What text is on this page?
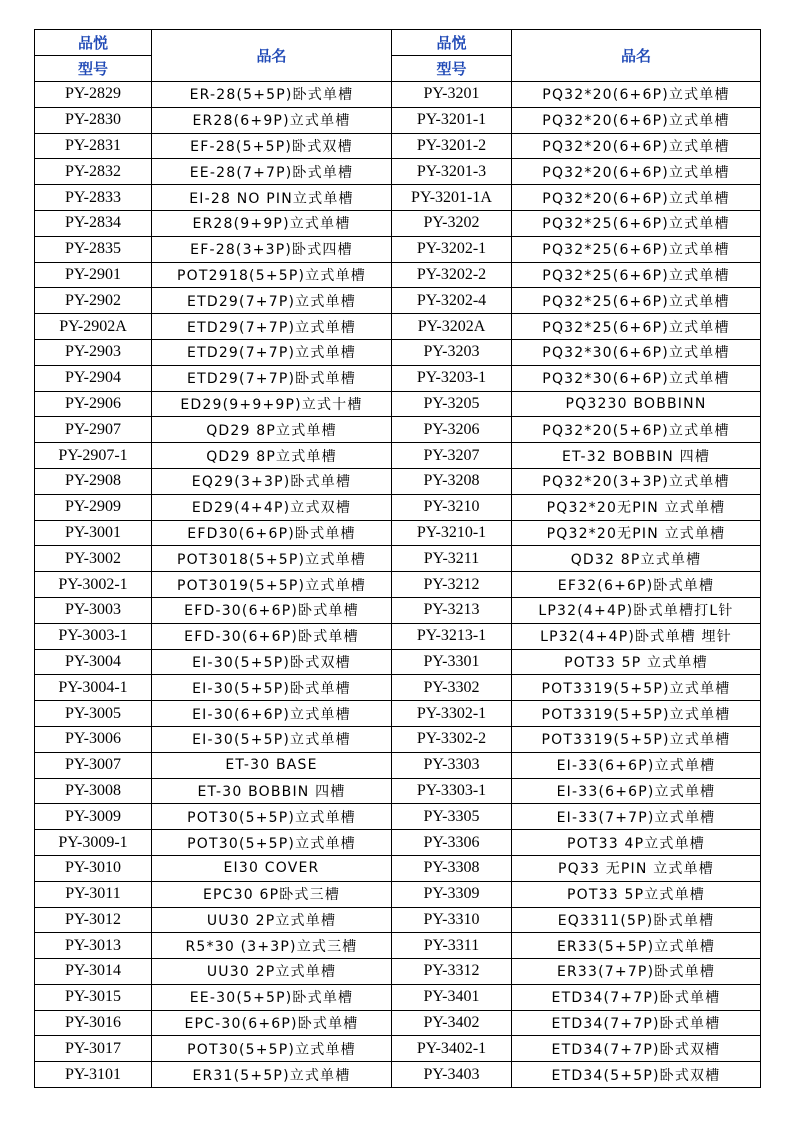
品悦	品名	品悦	品名
型号		型号	
PY-2829	ER-28(5+5P)卧式单槽	PY-3201	PQ32*20(6+6P)立式单槽
PY-2830	ER28(6+9P)立式单槽	PY-3201-1	PQ32*20(6+6P)立式单槽
PY-2831	EF-28(5+5P)卧式双槽	PY-3201-2	PQ32*20(6+6P)立式单槽
PY-2832	EE-28(7+7P)卧式单槽	PY-3201-3	PQ32*20(6+6P)立式单槽
PY-2833	EI-28 NO PIN立式单槽	PY-3201-1A	PQ32*20(6+6P)立式单槽
PY-2834	ER28(9+9P)立式单槽	PY-3202	PQ32*25(6+6P)立式单槽
PY-2835	EF-28(3+3P)卧式四槽	PY-3202-1	PQ32*25(6+6P)立式单槽
PY-2901	POT2918(5+5P)立式单槽	PY-3202-2	PQ32*25(6+6P)立式单槽
PY-2902	ETD29(7+7P)立式单槽	PY-3202-4	PQ32*25(6+6P)立式单槽
PY-2902A	ETD29(7+7P)立式单槽	PY-3202A	PQ32*25(6+6P)立式单槽
PY-2903	ETD29(7+7P)立式单槽	PY-3203	PQ32*30(6+6P)立式单槽
PY-2904	ETD29(7+7P)卧式单槽	PY-3203-1	PQ32*30(6+6P)立式单槽
PY-2906	ED29(9+9+9P)立式十槽	PY-3205	PQ3230 BOBBINN
PY-2907	QD29 8P立式单槽	PY-3206	PQ32*20(5+6P)立式单槽
PY-2907-1	QD29 8P立式单槽	PY-3207	ET-32 BOBBIN 四槽
PY-2908	EQ29(3+3P)卧式单槽	PY-3208	PQ32*20(3+3P)立式单槽
PY-2909	ED29(4+4P)立式双槽	PY-3210	PQ32*20无PIN 立式单槽
PY-3001	EFD30(6+6P)卧式单槽	PY-3210-1	PQ32*20无PIN 立式单槽
PY-3002	POT3018(5+5P)立式单槽	PY-3211	QD32 8P立式单槽
PY-3002-1	POT3019(5+5P)立式单槽	PY-3212	EF32(6+6P)卧式单槽
PY-3003	EFD-30(6+6P)卧式单槽	PY-3213	LP32(4+4P)卧式单槽打L针
PY-3003-1	EFD-30(6+6P)卧式单槽	PY-3213-1	LP32(4+4P)卧式单槽 埋针
PY-3004	EI-30(5+5P)卧式双槽	PY-3301	POT33 5P 立式单槽
PY-3004-1	EI-30(5+5P)卧式单槽	PY-3302	POT3319(5+5P)立式单槽
PY-3005	EI-30(6+6P)立式单槽	PY-3302-1	POT3319(5+5P)立式单槽
PY-3006	EI-30(5+5P)立式单槽	PY-3302-2	POT3319(5+5P)立式单槽
PY-3007	ET-30 BASE	PY-3303	EI-33(6+6P)立式单槽
PY-3008	ET-30 BOBBIN 四槽	PY-3303-1	EI-33(6+6P)立式单槽
PY-3009	POT30(5+5P)立式单槽	PY-3305	EI-33(7+7P)立式单槽
PY-3009-1	POT30(5+5P)立式单槽	PY-3306	POT33 4P立式单槽
PY-3010	EI30 COVER	PY-3308	PQ33 无PIN 立式单槽
PY-3011	EPC30 6P卧式三槽	PY-3309	POT33 5P立式单槽
PY-3012	UU30 2P立式单槽	PY-3310	EQ3311(5P)卧式单槽
PY-3013	R5*30 (3+3P)立式三槽	PY-3311	ER33(5+5P)立式单槽
PY-3014	UU30 2P立式单槽	PY-3312	ER33(7+7P)卧式单槽
PY-3015	EE-30(5+5P)卧式单槽	PY-3401	ETD34(7+7P)卧式单槽
PY-3016	EPC-30(6+6P)卧式单槽	PY-3402	ETD34(7+7P)卧式单槽
PY-3017	POT30(5+5P)立式单槽	PY-3402-1	ETD34(7+7P)卧式双槽
PY-3101	ER31(5+5P)立式单槽	PY-3403	ETD34(5+5P)卧式双槽
